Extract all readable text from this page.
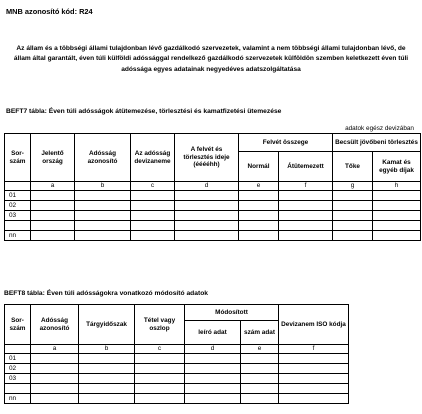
MNB azonosító kód: R24
Az állam és a többségi állami tulajdonban lévő gazdálkodó szervezetek, valamint a nem többségi állami tulajdonban lévő, de állam által garantált, éven túli külföldi adóssággal rendelkező gazdálkodó szervezetek külföldön szemben keletkezett éven túli adóssága egyes adatainak negyedéves adatszolgáltatása
BEFT7 tábla: Éven túli adósságok átütemezése, törlesztési és kamatfizetési ütemezése
adatok egész devizában
Sor-szám	Jelentő ország	Adósság azonosító	Az adósság devizaneme	A felvét és törlesztés ideje (ééééhh)	Felvét összege		Becsült jövőbeni törlesztés	
					Normál	Átütemezett	Tőke	Kamat és egyéb díjak
	a	b	c	d	e	f	g	h
01								
02								
03								

nn								
BEFT8 tábla: Éven túli adósságokra vonatkozó módosító adatok
Sor-szám	Adósság azonosító	Tárgyidőszak	Tétel vagy oszlop	Módosított		Devizanem ISO kódja
				leíró adat	szám adat	
	a	b	c	d	e	f
01						
02						
03						

nn						
